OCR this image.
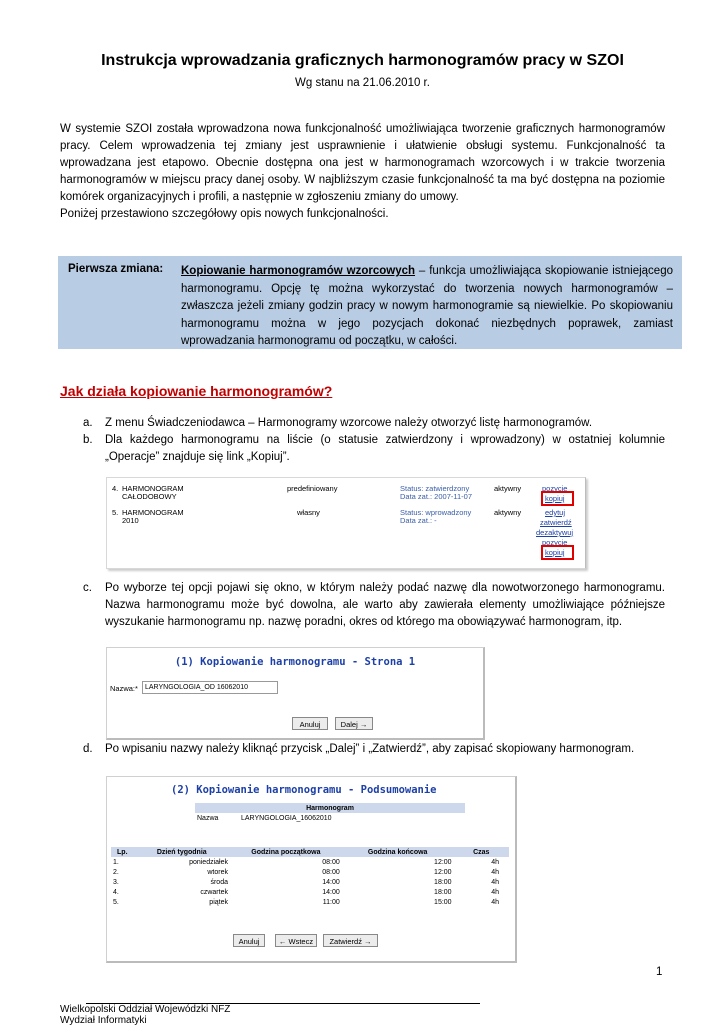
Instrukcja wprowadzania graficznych harmonogramów pracy w SZOI
Wg stanu na 21.06.2010 r.

W systemie SZOI została wprowadzona nowa funkcjonalność umożliwiająca tworzenie graficznych harmonogramów pracy. Celem wprowadzenia tej zmiany jest usprawnienie i ułatwienie obsługi systemu. Funkcjonalność ta wprowadzana jest etapowo. Obecnie dostępna ona jest w harmonogramach wzorcowych i w trakcie tworzenia harmonogramów w miejscu pracy danej osoby. W najbliższym czasie funkcjonalność ta ma być dostępna na poziomie komórek organizacyjnych i profili, a następnie w zgłoszeniu zmiany do umowy.

Poniżej przestawiono szczegółowy opis nowych funkcjonalności.

Pierwsza zmiana: Kopiowanie harmonogramów wzorcowych – funkcja umożliwiająca skopiowanie istniejącego harmonogramu. Opcję tę można wykorzystać do tworzenia nowych harmonogramów – zwłaszcza jeżeli zmiany godzin pracy w nowym harmonogramie są niewielkie. Po skopiowaniu harmonogramu można w jego pozycjach dokonać niezbędnych poprawek, zamiast wprowadzania harmonogramu od początku, w całości.
Jak działa kopiowanie harmonogramów?
a. Z menu Świadczeniodawca – Harmonogramy wzorcowe należy otworzyć listę harmonogramów.
b. Dla każdego harmonogramu na liście (o statusie zatwierdzony i wprowadzony) w ostatniej kolumnie „Operacje” znajduje się link „Kopiuj”.
4. HARMONOGRAM
CAŁODOBOWY
predefiniowany	Status: zatwierdzony
Data zat.: 2007-11-07
aktywny	pozycje
kopiuj
5. HARMONOGRAM
2010
własny	Status: wprowadzony
Data zat.: -
aktywny	edytuj
zatwierdź
dezaktywuj
pozycje
kopiuj
c. Po wyborze tej opcji pojawi się okno, w którym należy podać nazwę dla nowotworzonego harmonogramu. Nazwa harmonogramu może być dowolna, ale warto aby zawierała elementy umożliwiające późniejsze wyszukanie harmonogramu np. nazwę poradni, okres od którego ma obowiązywać harmonogram, itp.
(1) Kopiowanie harmonogramu - Strona 1
Nazwa:*	LARYNGOLOGIA_OD 16062010
Anuluj	Dalej →
d. Po wpisaniu nazwy należy kliknąć przycisk „Dalej” i „Zatwierdź”, aby zapisać skopiowany harmonogram.
(2) Kopiowanie harmonogramu - Podsumowanie
Harmonogram
Nazwa	LARYNGOLOGIA_16062010
Lp.	Dzień tygodnia	Godzina początkowa	Godzina końcowa	Czas
1.	poniedziałek	08:00	12:00	4h
2.	wtorek	08:00	12:00	4h
3.	środa	14:00	18:00	4h
4.	czwartek	14:00	18:00	4h
5.	piątek	11:00	15:00	4h
Anuluj	← Wstecz	Zatwierdź →
1
Wielkopolski Oddział Wojewódzki NFZ
Wydział Informatyki
